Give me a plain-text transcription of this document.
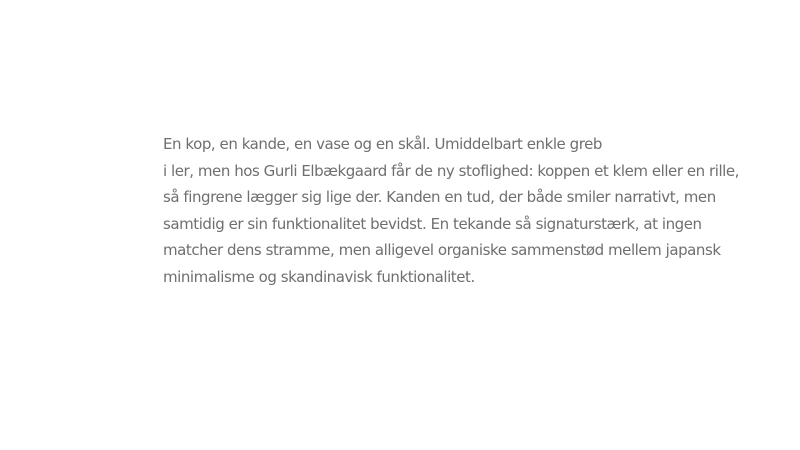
En kop, en kande, en vase og en skål. Umiddelbart enkle greb
i ler, men hos Gurli Elbækgaard får de ny stoflighed: koppen et klem eller en rille,
så fingrene lægger sig lige der. Kanden en tud, der både smiler narrativt, men
samtidig er sin funktionalitet bevidst. En tekande så signaturstærk, at ingen
matcher dens stramme, men alligevel organiske sammenstød mellem japansk
minimalisme og skandinavisk funktionalitet.
